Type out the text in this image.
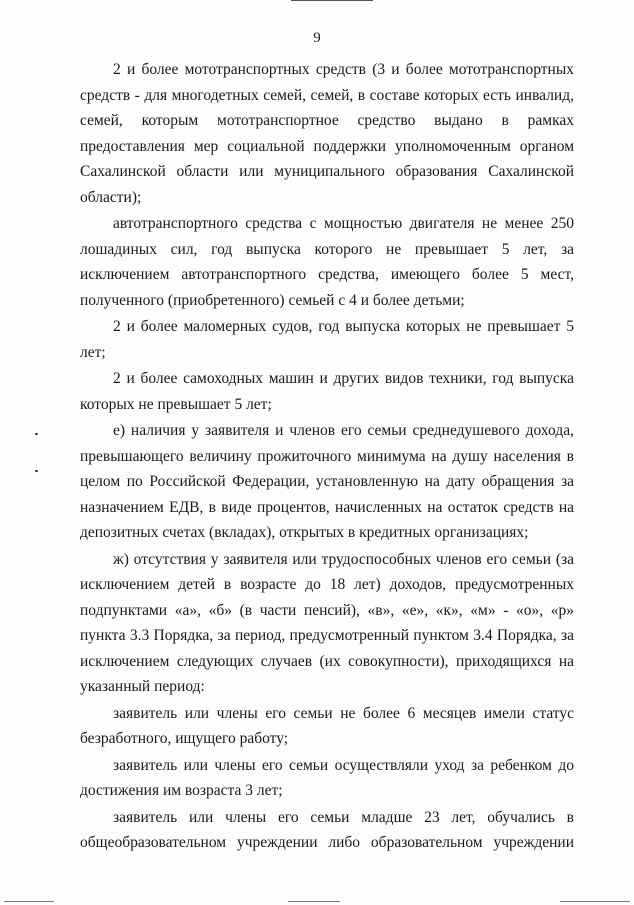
9

2 и более мототранспортных средств (3 и более мототранспортных средств - для многодетных семей, семей, в составе которых есть инвалид, семей, которым мототранспортное средство выдано в рамках предоставления мер социальной поддержки уполномоченным органом Сахалинской области или муниципального образования Сахалинской области);

автотранспортного средства с мощностью двигателя не менее 250 лошадиных сил, год выпуска которого не превышает 5 лет, за исключением автотранспортного средства, имеющего более 5 мест, полученного (приобретенного) семьей с 4 и более детьми;

2 и более маломерных судов, год выпуска которых не превышает 5 лет;

2 и более самоходных машин и других видов техники, год выпуска которых не превышает 5 лет;

е) наличия у заявителя и членов его семьи среднедушевого дохода, превышающего величину прожиточного минимума на душу населения в целом по Российской Федерации, установленную на дату обращения за назначением ЕДВ, в виде процентов, начисленных на остаток средств на депозитных счетах (вкладах), открытых в кредитных организациях;

ж) отсутствия у заявителя или трудоспособных членов его семьи (за исключением детей в возрасте до 18 лет) доходов, предусмотренных подпунктами «а», «б» (в части пенсий), «в», «е», «к», «м» - «о», «р» пункта 3.3 Порядка, за период, предусмотренный пунктом 3.4 Порядка, за исключением следующих случаев (их совокупности), приходящихся на указанный период:

заявитель или члены его семьи не более 6 месяцев имели статус безработного, ищущего работу;

заявитель или члены его семьи осуществляли уход за ребенком до достижения им возраста 3 лет;

заявитель или члены его семьи младше 23 лет, обучались в общеобразовательном учреждении либо образовательном учреждении
